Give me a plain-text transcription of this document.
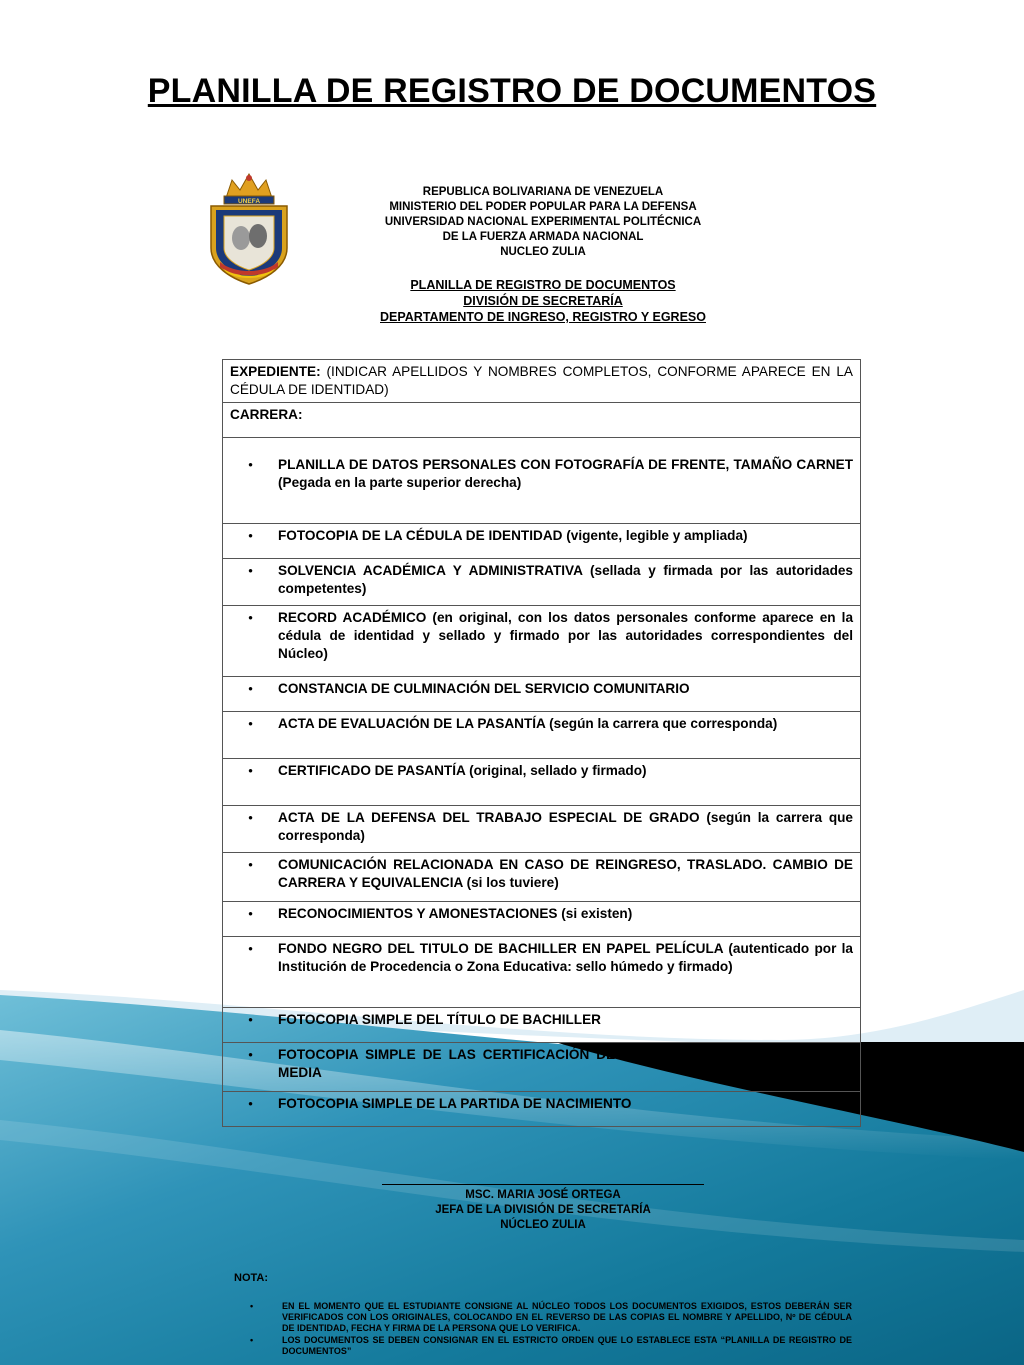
PLANILLA DE REGISTRO DE DOCUMENTOS
UNEFA
REPUBLICA BOLIVARIANA DE VENEZUELA
MINISTERIO DEL PODER POPULAR PARA LA DEFENSA
UNIVERSIDAD NACIONAL EXPERIMENTAL POLITÉCNICA
DE LA FUERZA ARMADA NACIONAL
NUCLEO ZULIA
PLANILLA DE REGISTRO DE DOCUMENTOS
DIVISIÓN DE SECRETARÍA
DEPARTAMENTO DE INGRESO, REGISTRO Y EGRESO
EXPEDIENTE: (INDICAR APELLIDOS Y NOMBRES COMPLETOS, CONFORME APARECE EN LA CÉDULA DE IDENTIDAD)
CARRERA:

•	PLANILLA DE DATOS PERSONALES CON FOTOGRAFÍA DE FRENTE, TAMAÑO CARNET (Pegada en la parte superior derecha)

•	FOTOCOPIA DE LA CÉDULA DE IDENTIDAD (vigente, legible y ampliada)

•	SOLVENCIA ACADÉMICA Y ADMINISTRATIVA (sellada y firmada por las autoridades competentes)

•	RECORD ACADÉMICO (en original, con los datos personales conforme aparece en la cédula de identidad y sellado y firmado por las autoridades correspondientes del Núcleo)

•	CONSTANCIA DE CULMINACIÓN DEL SERVICIO COMUNITARIO

•	ACTA DE EVALUACIÓN DE LA PASANTÍA (según la carrera que corresponda)

•	CERTIFICADO DE PASANTÍA (original, sellado y firmado)

•	ACTA DE LA DEFENSA DEL TRABAJO ESPECIAL DE GRADO (según la carrera que corresponda)

•	COMUNICACIÓN RELACIONADA EN CASO DE REINGRESO, TRASLADO. CAMBIO DE CARRERA Y EQUIVALENCIA (si los tuviere)

•	RECONOCIMIENTOS Y AMONESTACIONES (si existen)

•	FONDO NEGRO DEL TITULO DE BACHILLER EN PAPEL PELÍCULA (autenticado por la Institución de Procedencia o Zona Educativa: sello húmedo y firmado)

•	FOTOCOPIA SIMPLE DEL TÍTULO DE BACHILLER

•	FOTOCOPIA SIMPLE DE LAS CERTIFICACIÓN DE CALIFICACIONES DE EDUCACIÓN MEDIA

•	FOTOCOPIA SIMPLE DE LA PARTIDA DE NACIMIENTO
MSC. MARIA JOSÉ ORTEGA
JEFA DE LA DIVISIÓN DE SECRETARÍA
NÚCLEO ZULIA
NOTA:
•	EN EL MOMENTO QUE EL ESTUDIANTE CONSIGNE AL NÚCLEO TODOS LOS DOCUMENTOS EXIGIDOS, ESTOS DEBERÁN SER VERIFICADOS CON LOS ORIGINALES, COLOCANDO EN EL REVERSO DE LAS COPIAS EL NOMBRE Y APELLIDO, Nº DE CÉDULA DE IDENTIDAD, FECHA Y FIRMA DE LA PERSONA QUE LO VERIFICA.
•	LOS DOCUMENTOS SE DEBEN CONSIGNAR EN EL ESTRICTO ORDEN QUE LO ESTABLECE ESTA “PLANILLA DE REGISTRO DE DOCUMENTOS”
